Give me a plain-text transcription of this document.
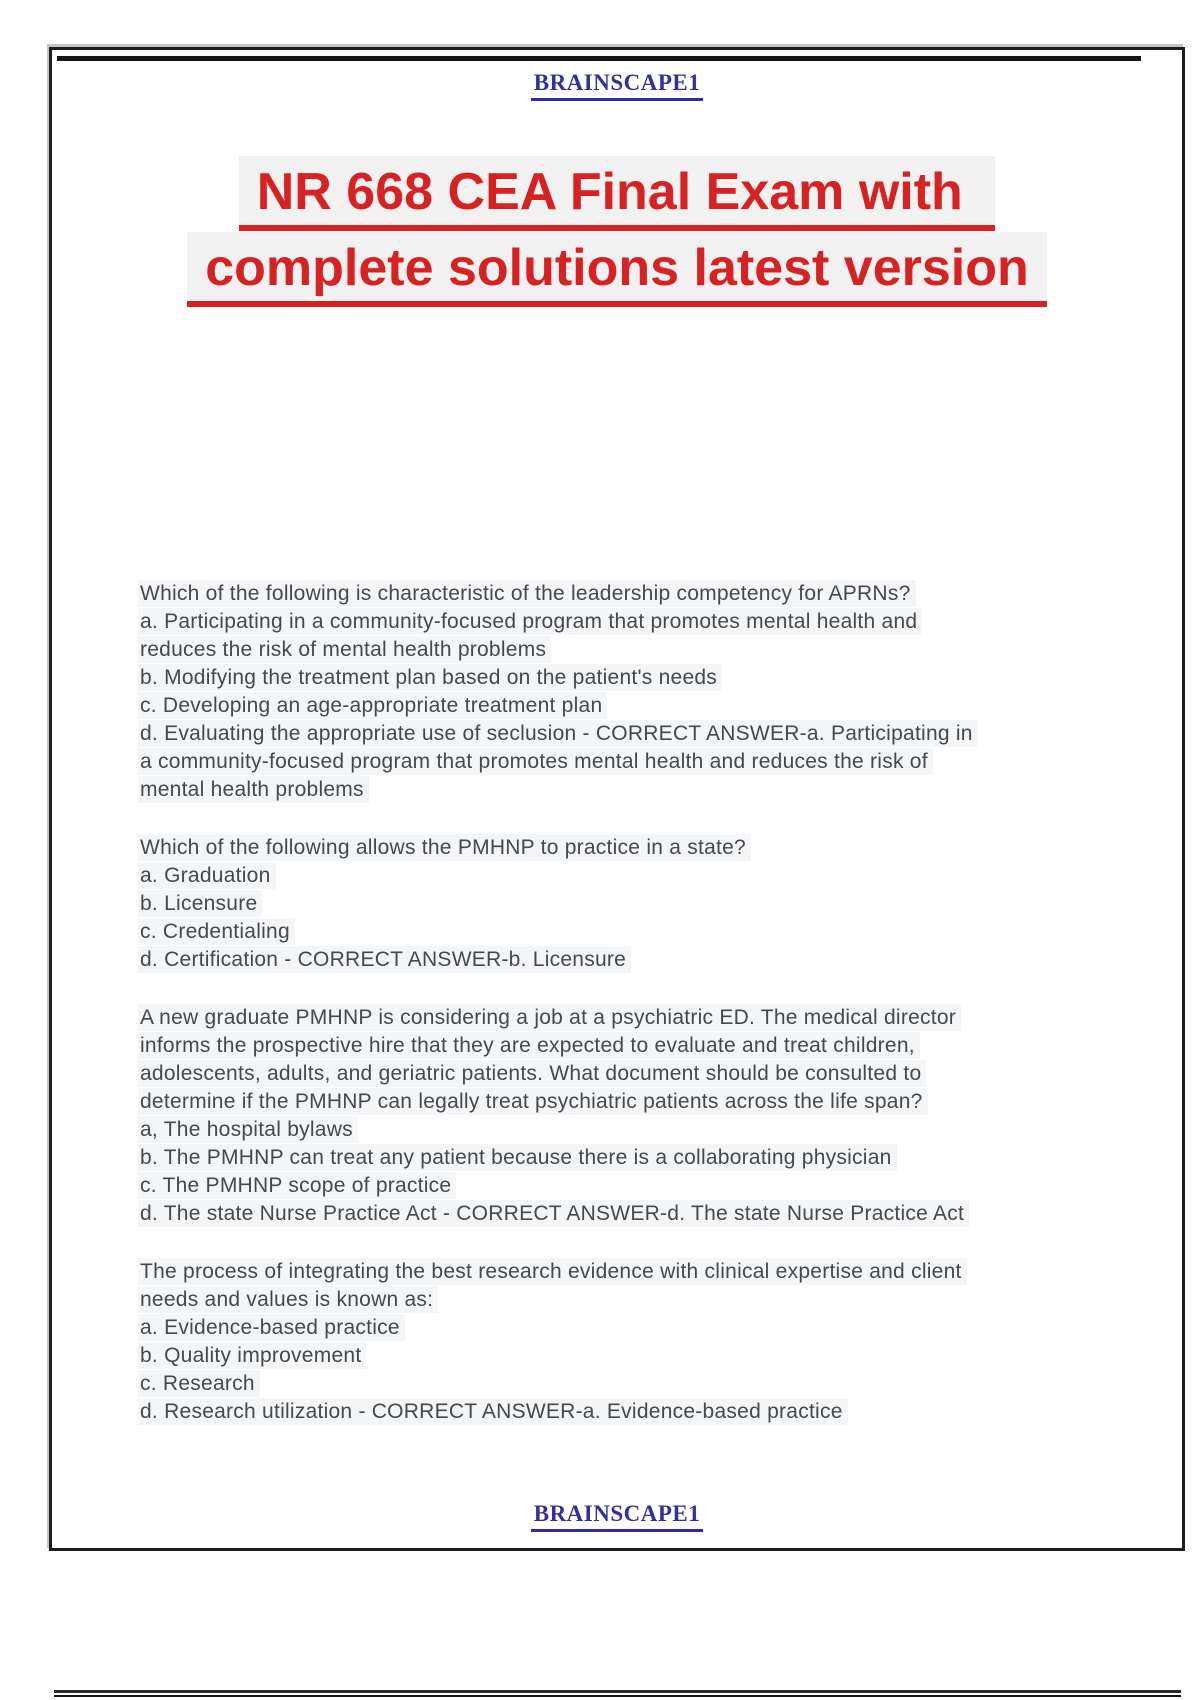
BRAINSCAPE1
NR 668 CEA Final Exam with
complete solutions latest version
Which of the following is characteristic of the leadership competency for APRNs?
a. Participating in a community-focused program that promotes mental health and
reduces the risk of mental health problems
b. Modifying the treatment plan based on the patient's needs
c. Developing an age-appropriate treatment plan
d. Evaluating the appropriate use of seclusion - CORRECT ANSWER-a. Participating in
a community-focused program that promotes mental health and reduces the risk of
mental health problems
Which of the following allows the PMHNP to practice in a state?
a. Graduation
b. Licensure
c. Credentialing
d. Certification - CORRECT ANSWER-b. Licensure
A new graduate PMHNP is considering a job at a psychiatric ED. The medical director
informs the prospective hire that they are expected to evaluate and treat children,
adolescents, adults, and geriatric patients. What document should be consulted to
determine if the PMHNP can legally treat psychiatric patients across the life span?
a, The hospital bylaws
b. The PMHNP can treat any patient because there is a collaborating physician
c. The PMHNP scope of practice
d. The state Nurse Practice Act - CORRECT ANSWER-d. The state Nurse Practice Act
The process of integrating the best research evidence with clinical expertise and client
needs and values is known as:
a. Evidence-based practice
b. Quality improvement
c. Research
d. Research utilization - CORRECT ANSWER-a. Evidence-based practice
BRAINSCAPE1
